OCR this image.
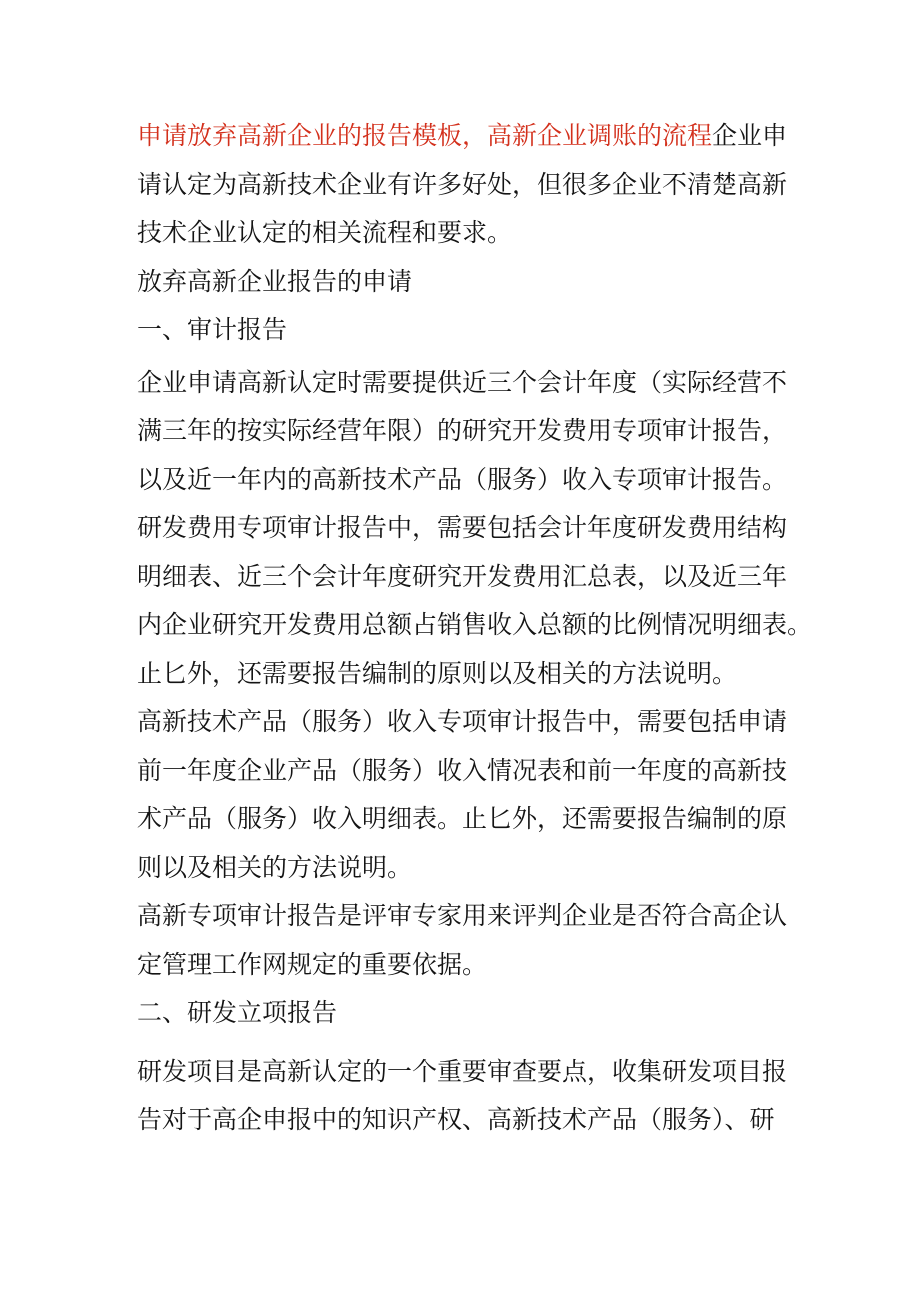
申请放弃高新企业的报告模板，高新企业调账的流程企业申
请认定为高新技术企业有许多好处，但很多企业不清楚高新
技术企业认定的相关流程和要求。
放弃高新企业报告的申请
一、审计报告
企业申请高新认定时需要提供近三个会计年度（实际经营不
满三年的按实际经营年限）的研究开发费用专项审计报告，
以及近一年内的高新技术产品（服务）收入专项审计报告。
研发费用专项审计报告中，需要包括会计年度研发费用结构
明细表、近三个会计年度研究开发费用汇总表，以及近三年
内企业研究开发费用总额占销售收入总额的比例情况明细表。
止匕外，还需要报告编制的原则以及相关的方法说明。
高新技术产品（服务）收入专项审计报告中，需要包括申请
前一年度企业产品（服务）收入情况表和前一年度的高新技
术产品（服务）收入明细表。止匕外，还需要报告编制的原
则以及相关的方法说明。
高新专项审计报告是评审专家用来评判企业是否符合高企认
定管理工作网规定的重要依据。
二、研发立项报告
研发项目是高新认定的一个重要审查要点，收集研发项目报
告对于高企申报中的知识产权、高新技术产品（服务）、研
